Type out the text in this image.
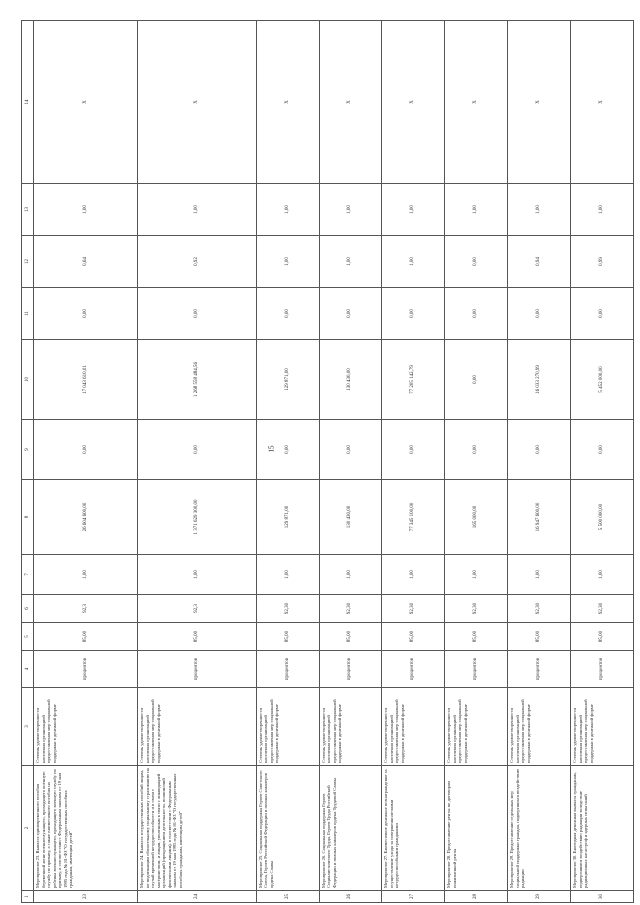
15
1	2	3	4	5	6	7	8	9	10	11	12	13	14
23	Мероприятие 23. Выплата единовременного пособия беременной жене военнослужащего, проходящего военную службу по призыву, а также ежемесячного пособия на ребенка военнослужащего, проходящего военную службу по призыву, в соответствии с Федеральным законом от 19 мая 1995 года № 81-ФЗ "О государственных пособиях гражданам, имеющим детей"	Степень удовлетворенности населения организацией предоставления мер социальной поддержки в денежной форме	процентов	85,00	92,3	1,00	26 604 600,00	0,00	17 043 610,01	0,00	0,64	1,00	X
24	Мероприятие 24. Выплата государственных пособий лицам, не подлежащим обязательному социальному страхованию на случай временной нетрудоспособности и в связи с материнством, и лицам, уволенным в связи с ликвидацией организаций (прекращением деятельности, полномочий физическими лицами), в соответствии с Федеральным законом от 19 мая 1995 года № 81-ФЗ "О государственных пособиях гражданам, имеющим детей"	Степень удовлетворенности населения организацией предоставления мер социальной поддержки в денежной форме	процентов	85,00	92,3	1,00	1 371 629 300,00	0,00	1 268 558 484,56	0,00	0,92	1,00	X
25	Мероприятие 25. Социальная поддержка Героев Советского Союза, Героев Российской Федерации и полных кавалеров ордена Славы	Степень удовлетворенности населения организацией предоставления мер социальной поддержки в денежной форме	процентов	85,00	92,30	1,00	129 871,00	0,00	129 871,00	0,00	1,00	1,00	X
26	Мероприятие 26. Социальная поддержка Героев Социалистического Труда, Героев Труда Российской Федерации и полных кавалеров ордена Трудовой Славы	Степень удовлетворенности населения организацией предоставления мер социальной поддержки в денежной форме	процентов	85,00	92,30	1,00	130 430,00	0,00	130 430,00	0,00	1,00	1,00	X
27	Мероприятие 27. Ежемесячное денежное вознаграждение за осуществление ухода за совершеннолетними нетрудоспособными гражданами	Степень удовлетворенности населения организацией предоставления мер социальной поддержки в денежной форме	процентов	85,00	92,30	1,00	77 345 100,00	0,00	77 205 142,79	0,00	1,00	1,00	X
28	Мероприятие 28. Предоставление ренты по договорам пожизненной ренты	Степень удовлетворенности населения организацией предоставления мер социальной поддержки в денежной форме	процентов	85,00	92,30	1,00	165 000,00	0,00	0,00	0,00	0,00	1,00	X
29	Мероприятие 29. Предоставление отдельных мер социальной поддержки граждан, подвергшихся воздействию радиации	Степень удовлетворенности населения организацией предоставления мер социальной поддержки в денежной форме	процентов	85,00	92,30	1,00	16 947 600,00	0,00	16 033 270,99	0,00	0,94	1,00	X
30	Мероприятие 30. Ежегодная денежная выплата гражданам, подвергшимся воздействию радиации вследствие радиационных катастроф и ядерных испытаний	Степень удовлетворенности населения организацией предоставления мер социальной поддержки в денежной форме	процентов	85,00	92,30	1,00	5 500 000,00	0,00	5 452 000,00	0,00	0,99	1,00	X
